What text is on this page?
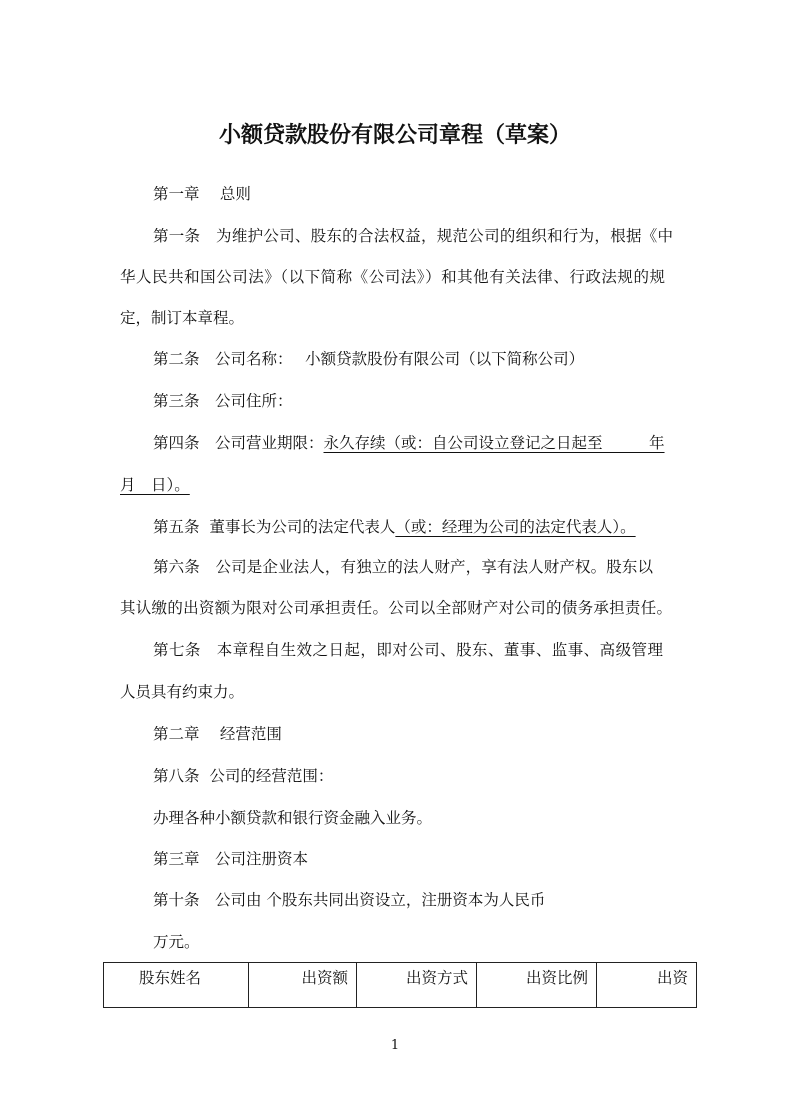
小额贷款股份有限公司章程（草案）
第一章　 总则
第一条　为维护公司、股东的合法权益，规范公司的组织和行为，根据《中
华人民共和国公司法》（以下简称《公司法》）和其他有关法律、行政法规的规
定，制订本章程。
第二条　公司名称：　 小额贷款股份有限公司（以下简称公司）
第三条　公司住所：
第四条　公司营业期限：永久存续（或：自公司设立登记之日起至　　　年
月　日）。
第五条  董事长为公司的法定代表人（或：经理为公司的法定代表人）。
第六条　公司是企业法人，有独立的法人财产，享有法人财产权。股东以
其认缴的出资额为限对公司承担责任。公司以全部财产对公司的债务承担责任。
第七条　本章程自生效之日起，即对公司、股东、董事、监事、高级管理
人员具有约束力。
第二章　 经营范围
第八条  公司的经营范围：
办理各种小额贷款和银行资金融入业务。
第三章　公司注册资本
第十条　公司由 个股东共同出资设立，注册资本为人民币
万元。
股东姓名	出资额	出资方式	出资比例	出资
1
